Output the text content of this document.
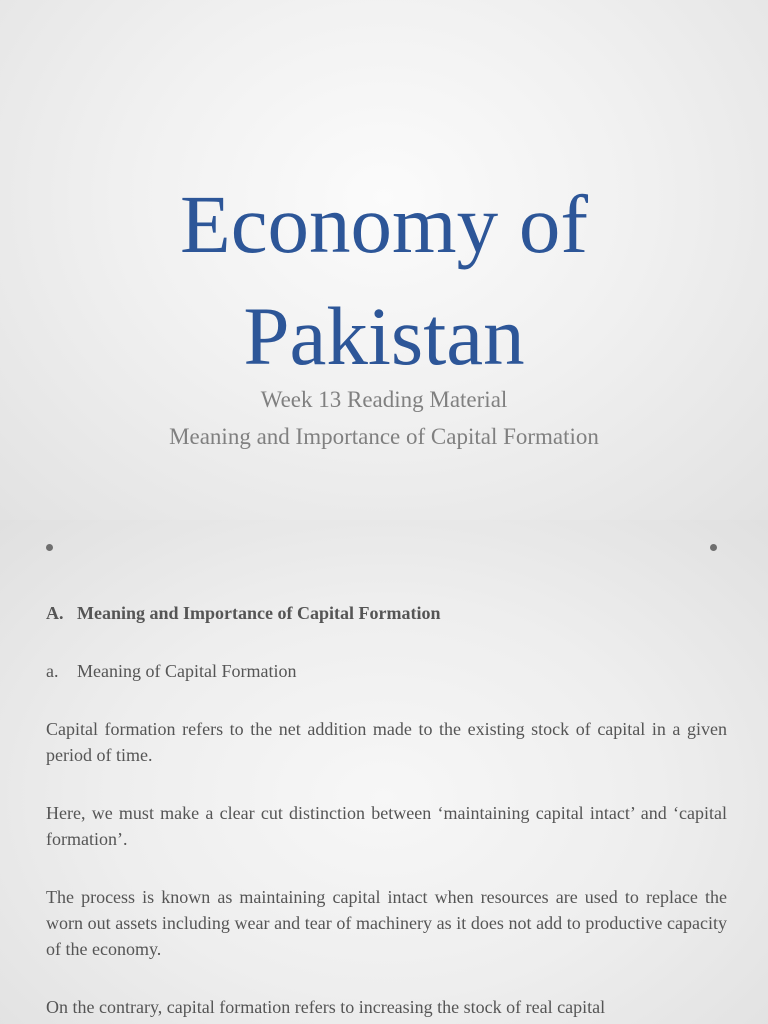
Economy of
Pakistan
Week 13 Reading Material
Meaning and Importance of Capital Formation
A. Meaning and Importance of Capital Formation
a.	Meaning of Capital Formation

Capital formation refers to the net addition made to the existing stock of capital in a given period of time.

Here, we must make a clear cut distinction between ‘maintaining capital intact’ and ‘capital formation’.

The process is known as maintaining capital intact when resources are used to replace the worn out assets including wear and tear of machinery as it does not add to productive capacity of the economy.

On the contrary, capital formation refers to increasing the stock of real capital
